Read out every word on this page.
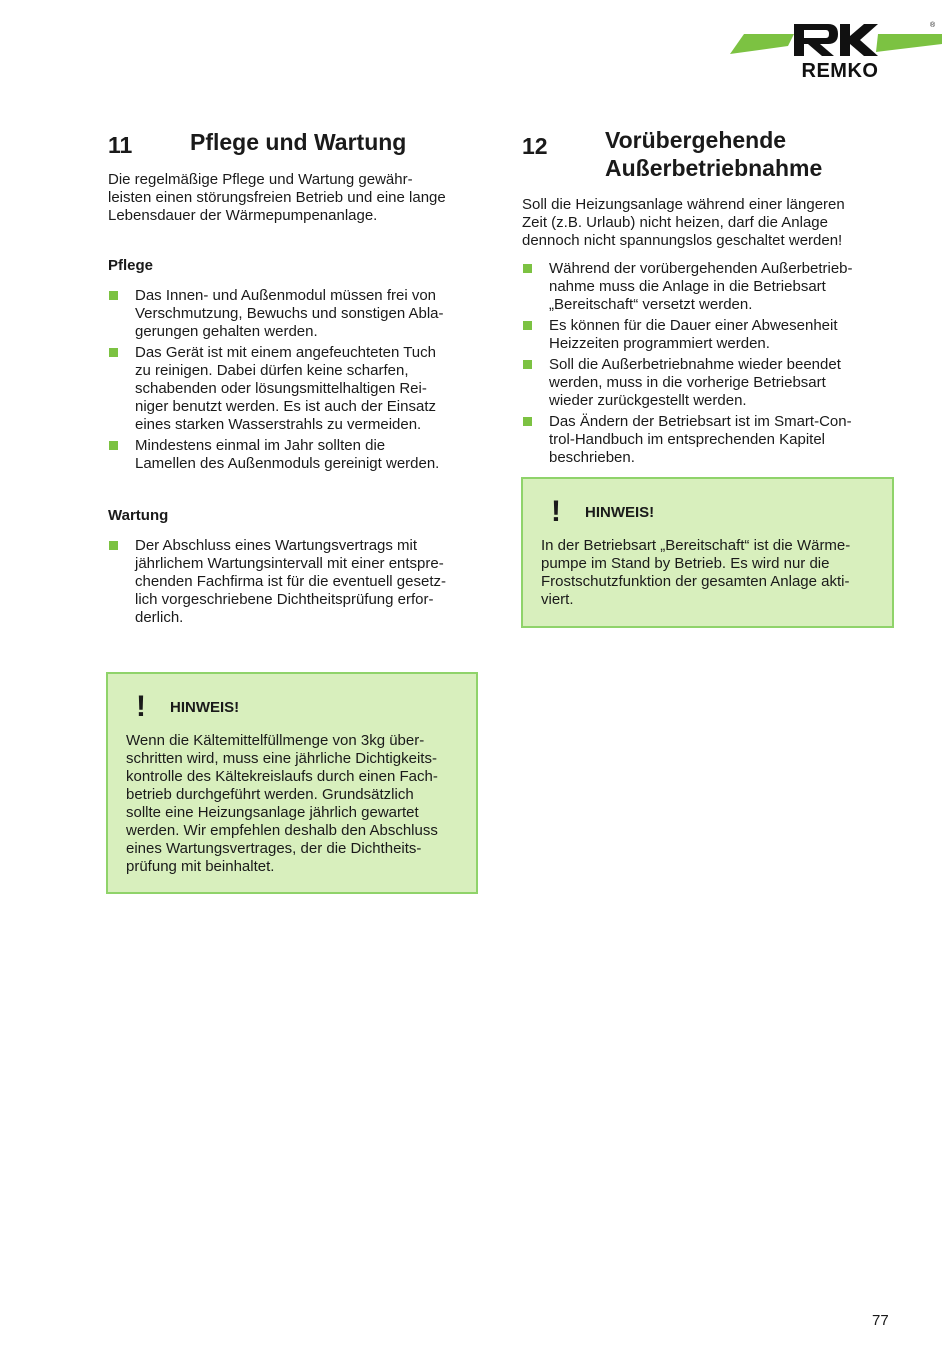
®
REMKO
11	Pflege und Wartung

Die regelmäßige Pflege und Wartung gewähr-
leisten einen störungsfreien Betrieb und eine lange
Lebensdauer der Wärmepumpenanlage.

Pflege
Das Innen- und Außenmodul müssen frei von
Verschmutzung, Bewuchs und sonstigen Abla-
gerungen gehalten werden.
Das Gerät ist mit einem angefeuchteten Tuch
zu reinigen. Dabei dürfen keine scharfen,
schabenden oder lösungsmittelhaltigen Rei-
niger benutzt werden. Es ist auch der Einsatz
eines starken Wasserstrahls zu vermeiden.
Mindestens einmal im Jahr sollten die
Lamellen des Außenmoduls gereinigt werden.
Wartung
Der Abschluss eines Wartungsvertrags mit
jährlichem Wartungsintervall mit einer entspre-
chenden Fachfirma ist für die eventuell gesetz-
lich vorgeschriebene Dichtheitsprüfung erfor-
derlich.
!	HINWEIS!

Wenn die Kältemittelfüllmenge von 3kg über-
schritten wird, muss eine jährliche Dichtigkeits-
kontrolle des Kältekreislaufs durch einen Fach-
betrieb durchgeführt werden. Grundsätzlich
sollte eine Heizungsanlage jährlich gewartet
werden. Wir empfehlen deshalb den Abschluss
eines Wartungsvertrages, der die Dichtheits-
prüfung mit beinhaltet.

12	Vorübergehende
Außerbetriebnahme

Soll die Heizungsanlage während einer längeren
Zeit (z.B. Urlaub) nicht heizen, darf die Anlage
dennoch nicht spannungslos geschaltet werden!

Während der vorübergehenden Außerbetrieb-
nahme muss die Anlage in die Betriebsart
„Bereitschaft“ versetzt werden.
Es können für die Dauer einer Abwesenheit
Heizzeiten programmiert werden.
Soll die Außerbetriebnahme wieder beendet
werden, muss in die vorherige Betriebsart
wieder zurückgestellt werden.
Das Ändern der Betriebsart ist im Smart-Con-
trol-Handbuch im entsprechenden Kapitel
beschrieben.
!	HINWEIS!

In der Betriebsart „Bereitschaft“ ist die Wärme-
pumpe im Stand by Betrieb. Es wird nur die
Frostschutzfunktion der gesamten Anlage akti-
viert.

77
